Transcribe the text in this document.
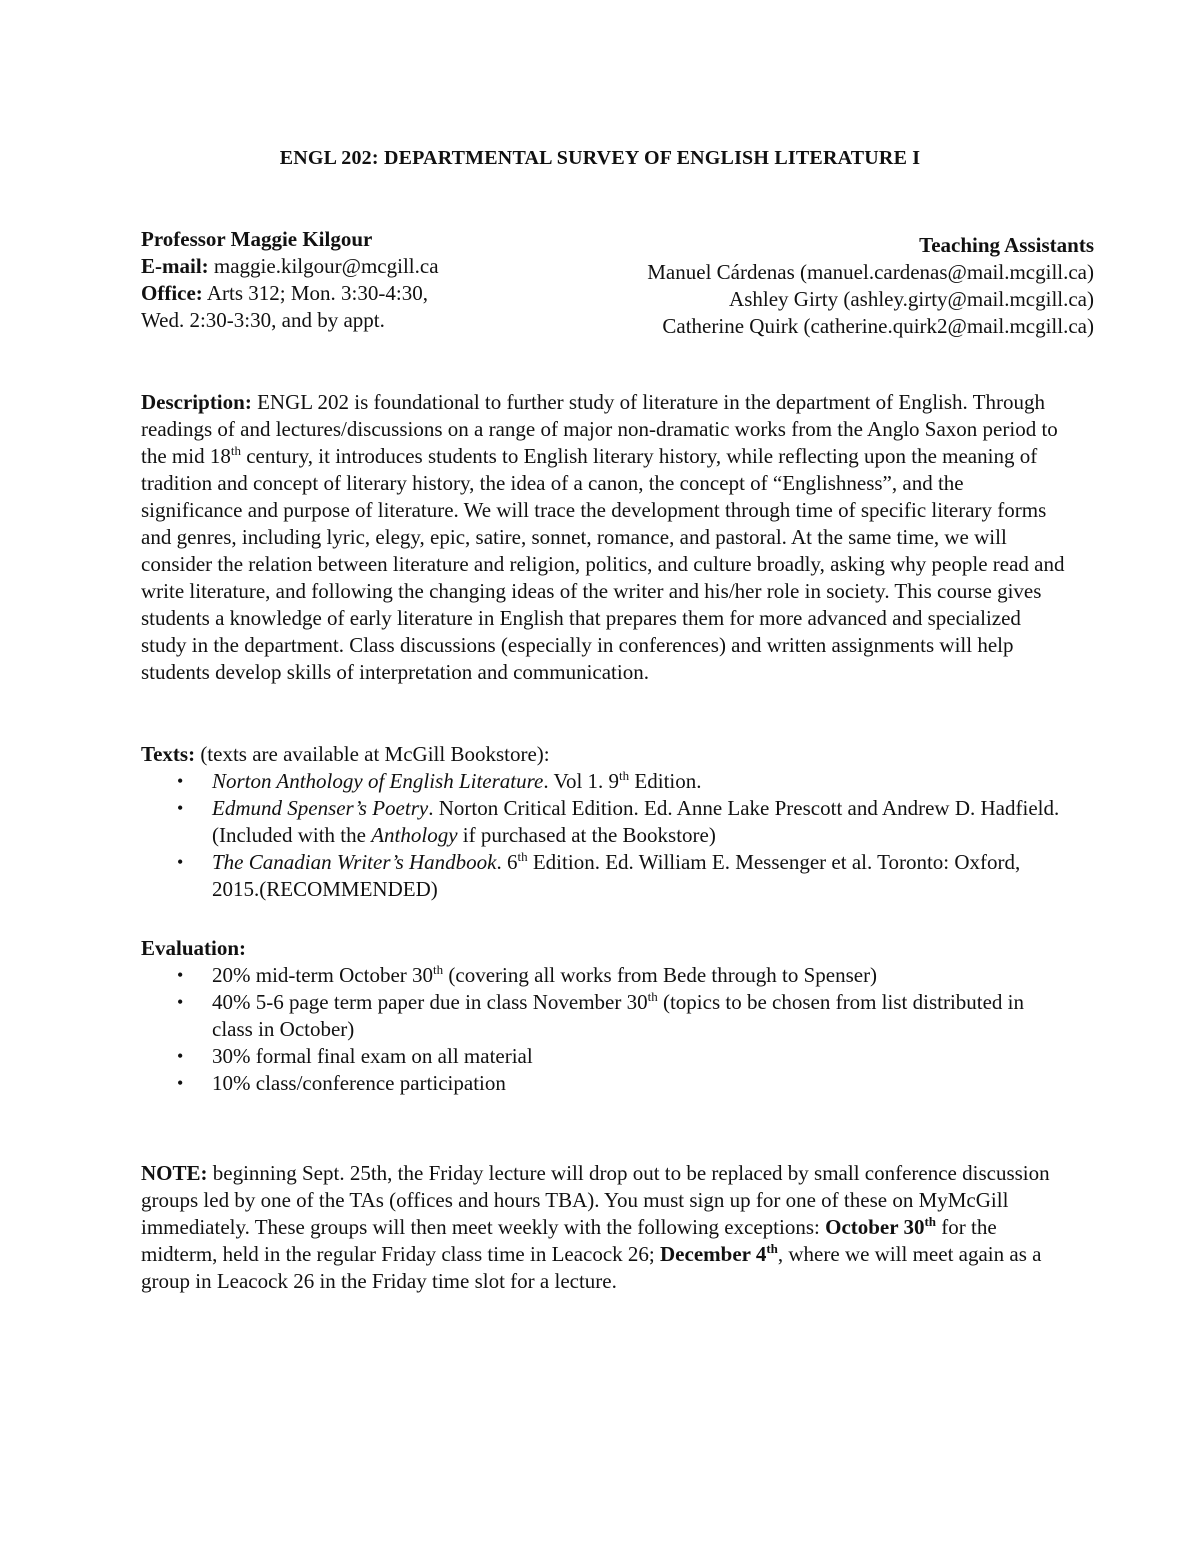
ENGL 202: DEPARTMENTAL SURVEY OF ENGLISH LITERATURE I
Professor Maggie Kilgour
E-mail: maggie.kilgour@mcgill.ca
Office: Arts 312; Mon. 3:30-4:30,
Wed. 2:30-3:30, and by appt.
Teaching Assistants
Manuel Cárdenas (manuel.cardenas@mail.mcgill.ca)
Ashley Girty (ashley.girty@mail.mcgill.ca)
Catherine Quirk (catherine.quirk2@mail.mcgill.ca)
Description: ENGL 202 is foundational to further study of literature in the department of English. Through readings of and lectures/discussions on a range of major non-dramatic works from the Anglo Saxon period to the mid 18th century, it introduces students to English literary history, while reflecting upon the meaning of tradition and concept of literary history, the idea of a canon, the concept of “Englishness”, and the significance and purpose of literature. We will trace the development through time of specific literary forms and genres, including lyric, elegy, epic, satire, sonnet, romance, and pastoral. At the same time, we will consider the relation between literature and religion, politics, and culture broadly, asking why people read and write literature, and following the changing ideas of the writer and his/her role in society. This course gives students a knowledge of early literature in English that prepares them for more advanced and specialized study in the department. Class discussions (especially in conferences) and written assignments will help students develop skills of interpretation and communication.
Texts: (texts are available at McGill Bookstore):
• Norton Anthology of English Literature. Vol 1. 9th Edition.
• Edmund Spenser’s Poetry. Norton Critical Edition. Ed. Anne Lake Prescott and Andrew D. Hadfield. (Included with the Anthology if purchased at the Bookstore)
• The Canadian Writer’s Handbook. 6th Edition. Ed. William E. Messenger et al. Toronto: Oxford, 2015.(RECOMMENDED)
Evaluation:
• 20% mid-term October 30th (covering all works from Bede through to Spenser)
• 40% 5-6 page term paper due in class November 30th (topics to be chosen from list distributed in class in October)
• 30% formal final exam on all material
• 10% class/conference participation
NOTE: beginning Sept. 25th, the Friday lecture will drop out to be replaced by small conference discussion groups led by one of the TAs (offices and hours TBA). You must sign up for one of these on MyMcGill immediately. These groups will then meet weekly with the following exceptions: October 30th for the midterm, held in the regular Friday class time in Leacock 26; December 4th, where we will meet again as a group in Leacock 26 in the Friday time slot for a lecture.
